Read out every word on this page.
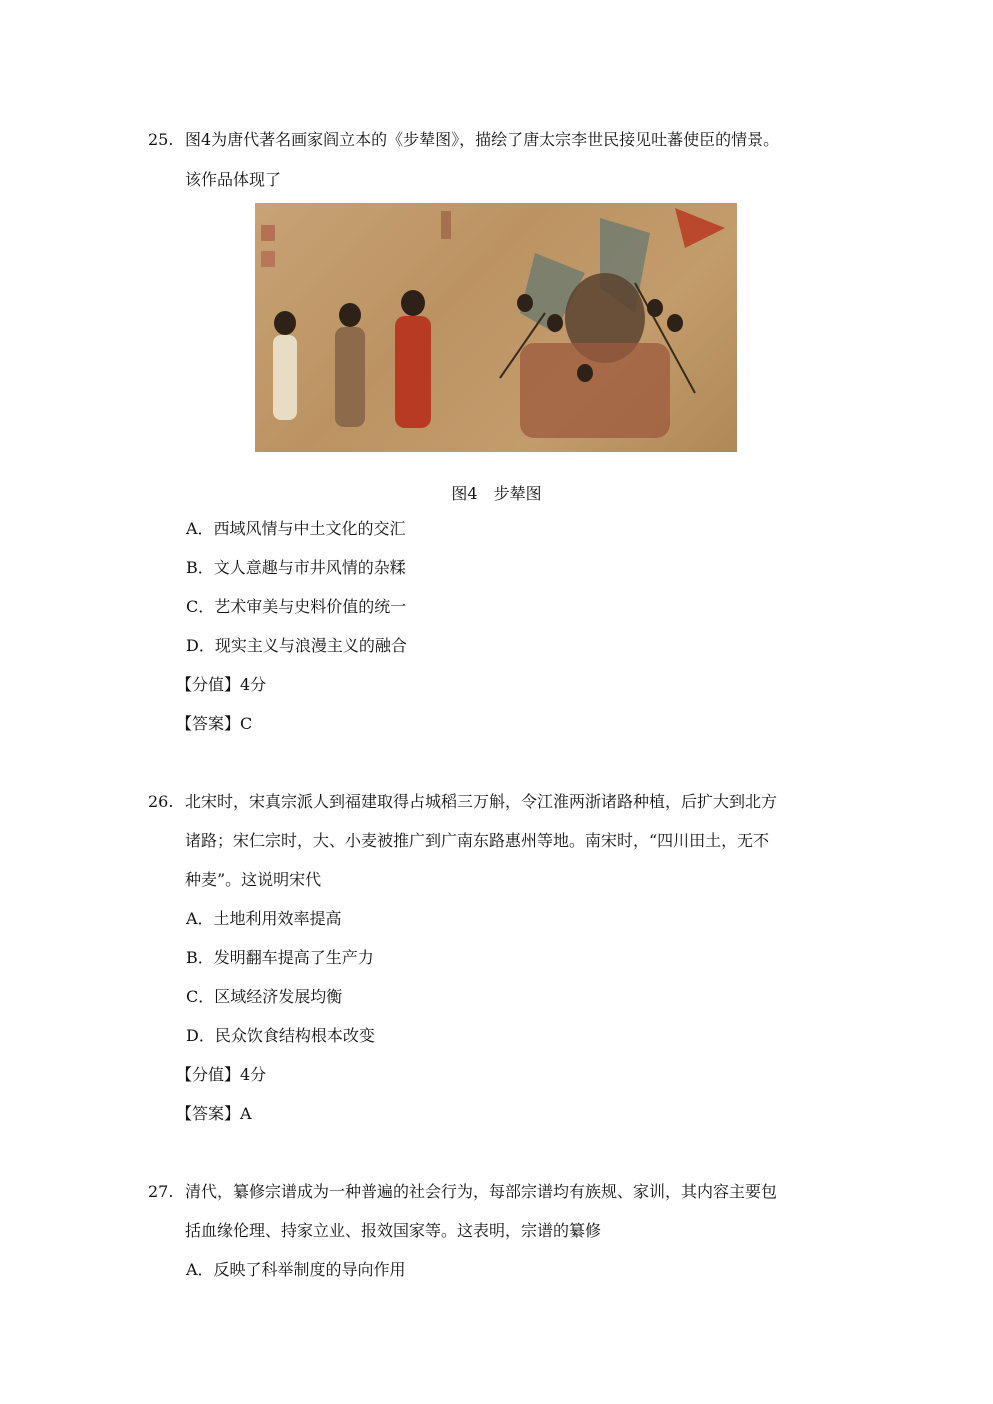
25. 图4为唐代著名画家阎立本的《步辇图》，描绘了唐太宗李世民接见吐蕃使臣的情景。
该作品体现了
图4　步辇图
A．西域风情与中土文化的交汇
B．文人意趣与市井风情的杂糅
C．艺术审美与史料价值的统一
D．现实主义与浪漫主义的融合
【分值】4分
【答案】C
26. 北宋时，宋真宗派人到福建取得占城稻三万斛，令江淮两浙诸路种植，后扩大到北方
诸路；宋仁宗时，大、小麦被推广到广南东路惠州等地。南宋时，“四川田土，无不
种麦”。这说明宋代
A．土地利用效率提高
B．发明翻车提高了生产力
C．区域经济发展均衡
D．民众饮食结构根本改变
【分值】4分
【答案】A
27. 清代，纂修宗谱成为一种普遍的社会行为，每部宗谱均有族规、家训，其内容主要包
括血缘伦理、持家立业、报效国家等。这表明，宗谱的纂修
A．反映了科举制度的导向作用
